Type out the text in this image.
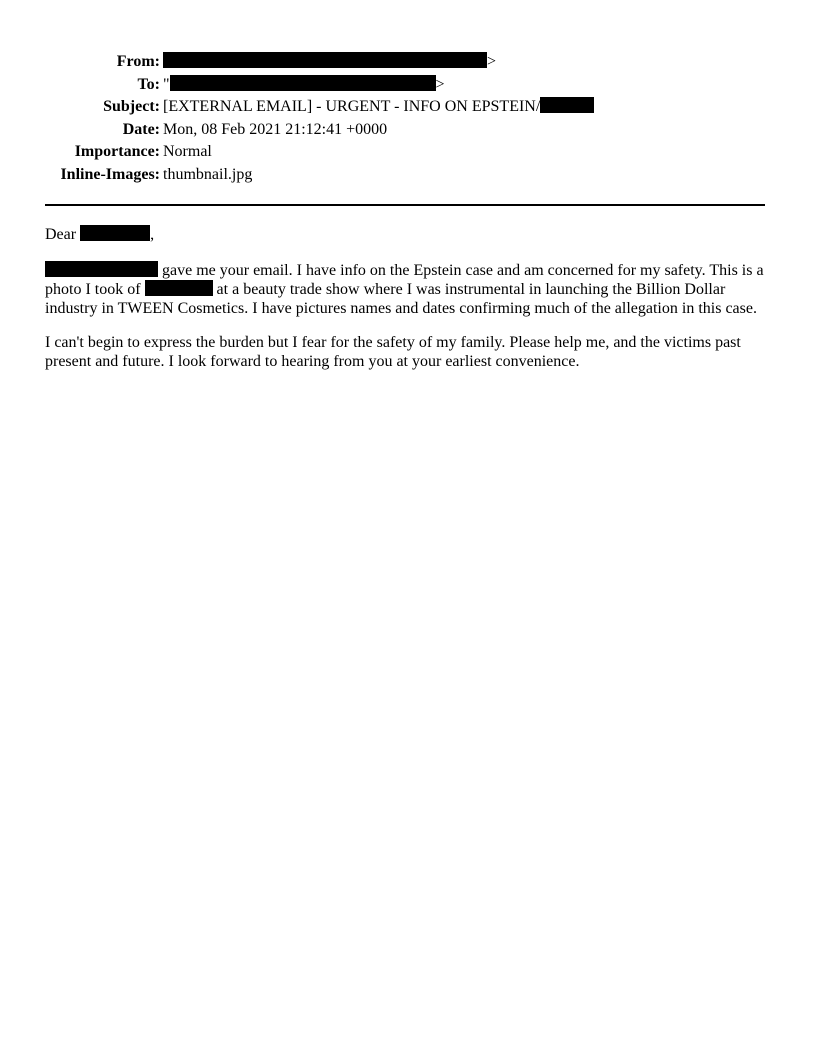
From:	>
To: "	>
Subject: [EXTERNAL EMAIL] - URGENT - INFO ON EPSTEIN/
Date: Mon, 08 Feb 2021 21:12:41 +0000
Importance: Normal
Inline-Images: thumbnail.jpg

Dear	,

gave me your email. I have info on the Epstein case and am concerned for my safety. This is a photo I took of	at a beauty trade show where I was instrumental in launching the Billion Dollar industry in TWEEN Cosmetics. I have pictures names and dates confirming much of the allegation in this case.

I can't begin to express the burden but I fear for the safety of my family. Please help me, and the victims past present and future. I look forward to hearing from you at your earliest convenience.
